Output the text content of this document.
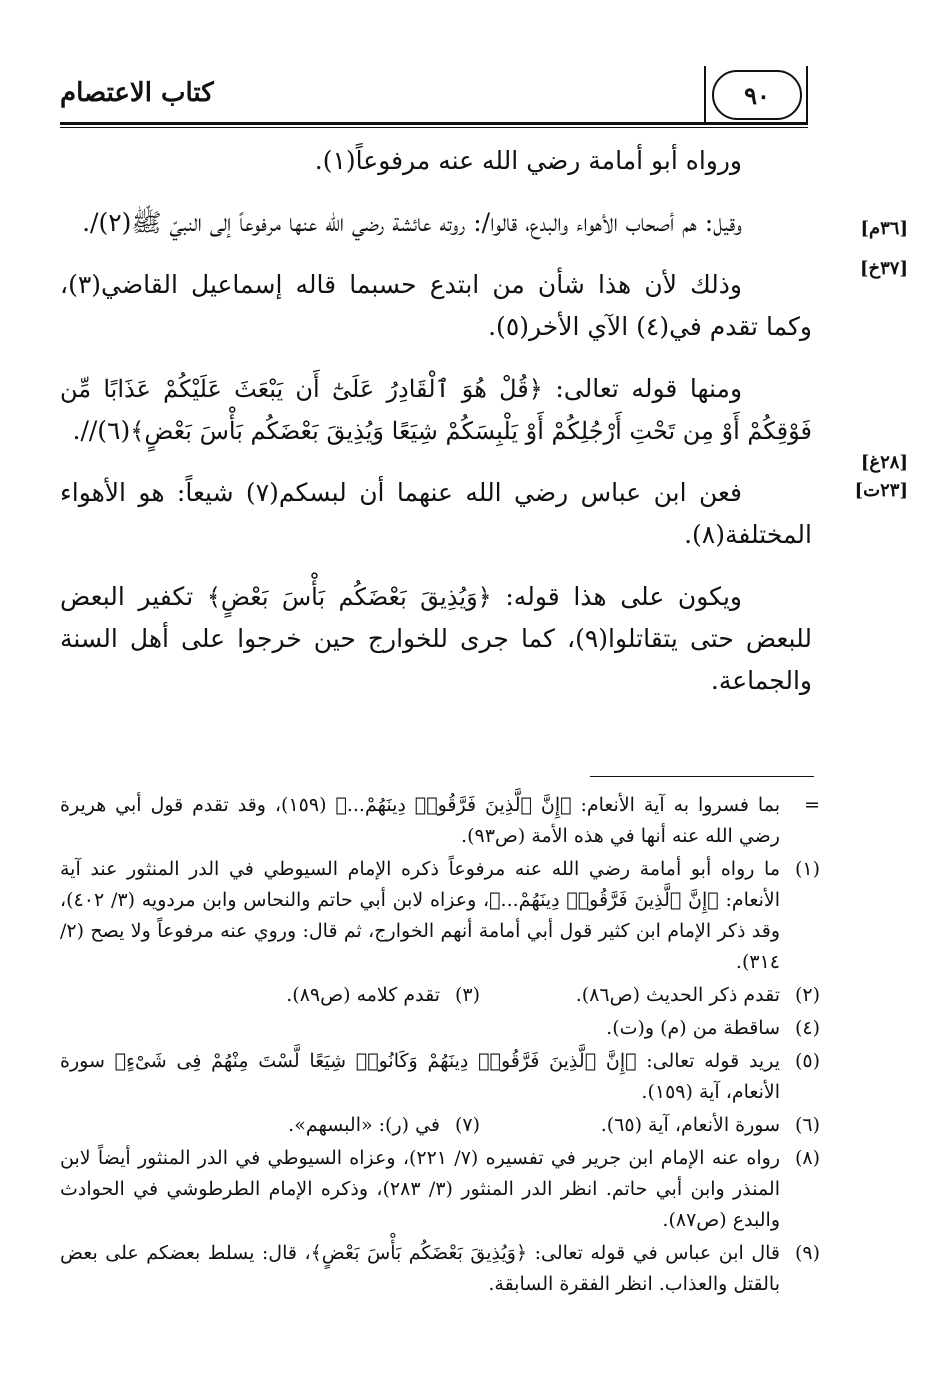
كتاب الاعتصام	٩٠
[٣٦م]
[٣٧خ]
[٢٨غ]
[٢٣ت]

ورواه أبو أمامة رضي الله عنه مرفوعاً(١).

وقيل: هم أصحاب الأهواء والبدع، قالوا/: روته عائشة رضي الله عنها مرفوعاً إلى النبيّ ﷺ(٢)/.

وذلك لأن هذا شأن من ابتدع حسبما قاله إسماعيل القاضي(٣)، وكما تقدم في(٤) الآي الأخر(٥).

ومنها قوله تعالى: ﴿قُلْ هُوَ ٱلْقَادِرُ عَلَىٰٓ أَن يَبْعَثَ عَلَيْكُمْ عَذَابًا مِّن فَوْقِكُمْ أَوْ مِن تَحْتِ أَرْجُلِكُمْ أَوْ يَلْبِسَكُمْ شِيَعًا وَيُذِيقَ بَعْضَكُم بَأْسَ بَعْضٍ﴾(٦)//.

فعن ابن عباس رضي الله عنهما أن لبسكم(٧) شيعاً: هو الأهواء المختلفة(٨).

ويكون على هذا قوله: ﴿وَيُذِيقَ بَعْضَكُم بَأْسَ بَعْضٍ﴾ تكفير البعض للبعض حتى يتقاتلوا(٩)، كما جرى للخوارج حين خرجوا على أهل السنة والجماعة.

=
بما فسروا به آية الأنعام: ﴿إِنَّ ٱلَّذِينَ فَرَّقُوا۟ دِينَهُمْ...﴾ (١٥٩)، وقد تقدم قول أبي هريرة رضي الله عنه أنها في هذه الأمة (ص٩٣).
(١)
ما رواه أبو أمامة رضي الله عنه مرفوعاً ذكره الإمام السيوطي في الدر المنثور عند آية الأنعام: ﴿إِنَّ ٱلَّذِينَ فَرَّقُوا۟ دِينَهُمْ...﴾، وعزاه لابن أبي حاتم والنحاس وابن مردويه (٣/ ٤٠٢)، وقد ذكر الإمام ابن كثير قول أبي أمامة أنهم الخوارج، ثم قال: وروي عنه مرفوعاً ولا يصح (٢/ ٣١٤).
(٢)
تقدم ذكر الحديث (ص٨٦).
(٣)
تقدم كلامه (ص٨٩).
(٤)
ساقطة من (م) و(ت).
(٥)
يريد قوله تعالى: ﴿إِنَّ ٱلَّذِينَ فَرَّقُوا۟ دِينَهُمْ وَكَانُوا۟ شِيَعًا لَّسْتَ مِنْهُمْ فِى شَىْءٍ﴾ سورة الأنعام، آية (١٥٩).
(٦)
سورة الأنعام، آية (٦٥).
(٧)
في (ر): «البسهم».
(٨)
رواه عنه الإمام ابن جرير في تفسيره (٧/ ٢٢١)، وعزاه السيوطي في الدر المنثور أيضاً لابن المنذر وابن أبي حاتم. انظر الدر المنثور (٣/ ٢٨٣)، وذكره الإمام الطرطوشي في الحوادث والبدع (ص٨٧).
(٩)
قال ابن عباس في قوله تعالى: ﴿وَيُذِيقَ بَعْضَكُم بَأْسَ بَعْضٍ﴾، قال: يسلط بعضكم على بعض بالقتل والعذاب. انظر الفقرة السابقة.
